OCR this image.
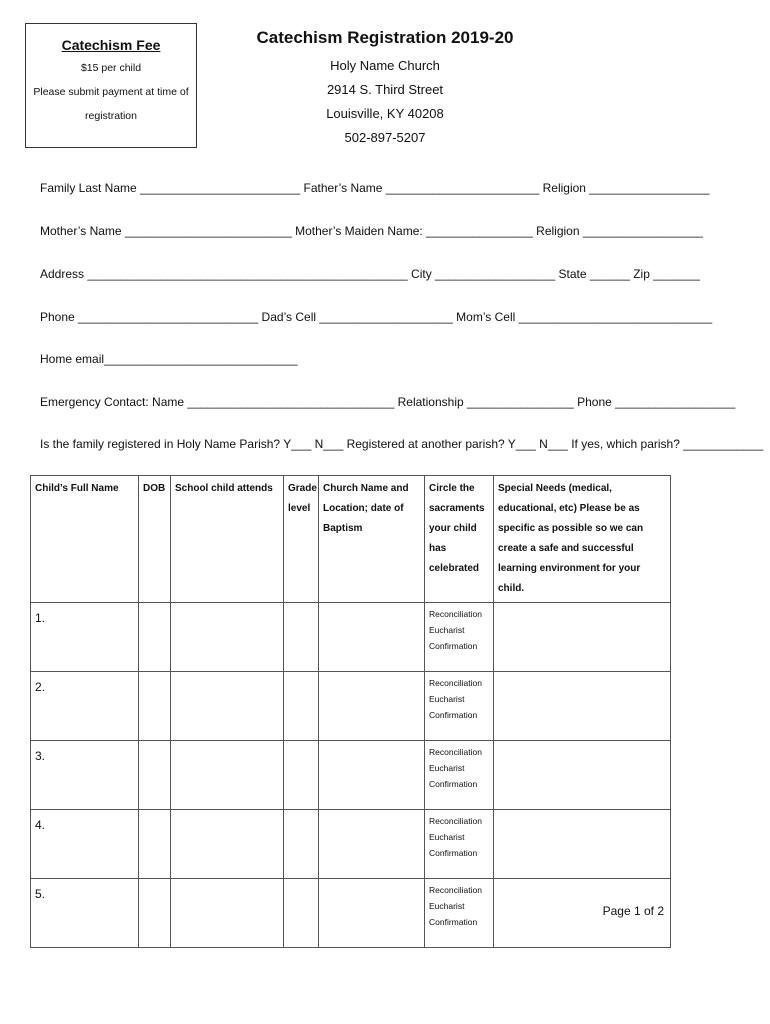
Catechism Fee
$15 per child
Please submit payment at time of
registration
Catechism Registration 2019-20
Holy Name Church
2914 S. Third Street
Louisville, KY 40208
502-897-5207
Family Last Name ________________________ Father’s Name _______________________ Religion __________________
Mother’s Name _________________________ Mother’s Maiden Name: ________________ Religion __________________
Address ________________________________________________ City __________________ State ______ Zip _______
Phone ___________________________ Dad’s Cell ____________________ Mom’s Cell _____________________________
Home email_____________________________
Emergency Contact: Name _______________________________ Relationship ________________ Phone __________________
Is the family registered in Holy Name Parish? Y___ N___ Registered at another parish? Y___ N___ If yes, which parish? ____________
Child’s Full Name	DOB	School child attends	Grade level	Church Name and Location; date of Baptism	Circle the sacraments your child has celebrated	Special Needs (medical, educational, etc) Please be as specific as possible so we can create a safe and successful learning environment for your child.

1.					Reconciliation
Eucharist
Confirmation	

2.					Reconciliation
Eucharist
Confirmation	

3.					Reconciliation
Eucharist
Confirmation	

4.					Reconciliation
Eucharist
Confirmation	

5.					Reconciliation
Eucharist
Confirmation	

Page 1 of 2
